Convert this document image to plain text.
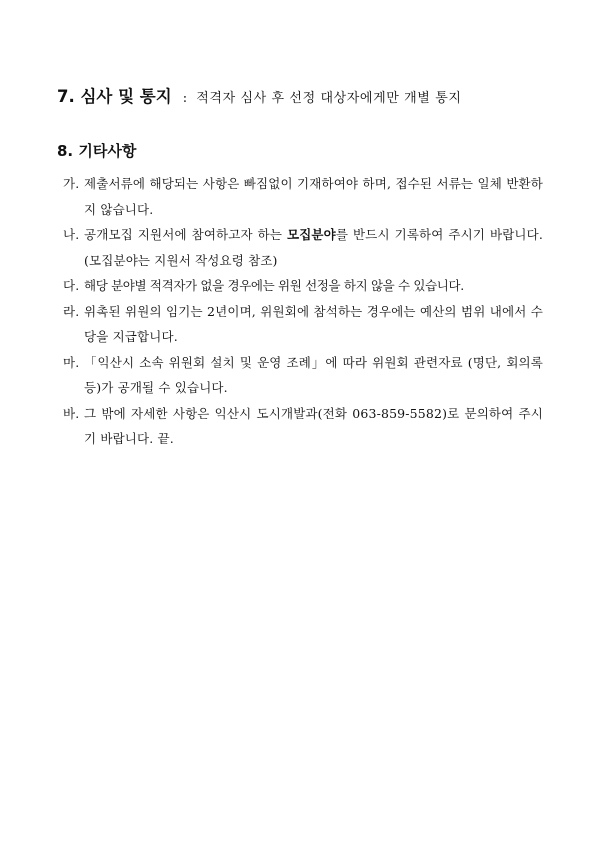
7. 심사 및 통지 : 적격자 심사 후 선정 대상자에게만 개별 통지
8. 기타사항
가. 제출서류에 해당되는 사항은 빠짐없이 기재하여야 하며, 접수된 서류는 일체 반환하지 않습니다.
나. 공개모집 지원서에 참여하고자 하는 모집분야를 반드시 기록하여 주시기 바랍니다.(모집분야는 지원서 작성요령 참조)
다. 해당 분야별 적격자가 없을 경우에는 위원 선정을 하지 않을 수 있습니다.
라. 위촉된 위원의 임기는 2년이며, 위원회에 참석하는 경우에는 예산의 범위 내에서 수당을 지급합니다.
마. 「익산시 소속 위원회 설치 및 운영 조례」에 따라 위원회 관련자료 (명단, 회의록 등)가 공개될 수 있습니다.
바. 그 밖에 자세한 사항은 익산시 도시개발과(전화 063-859-5582)로 문의하여 주시기 바랍니다. 끝.
